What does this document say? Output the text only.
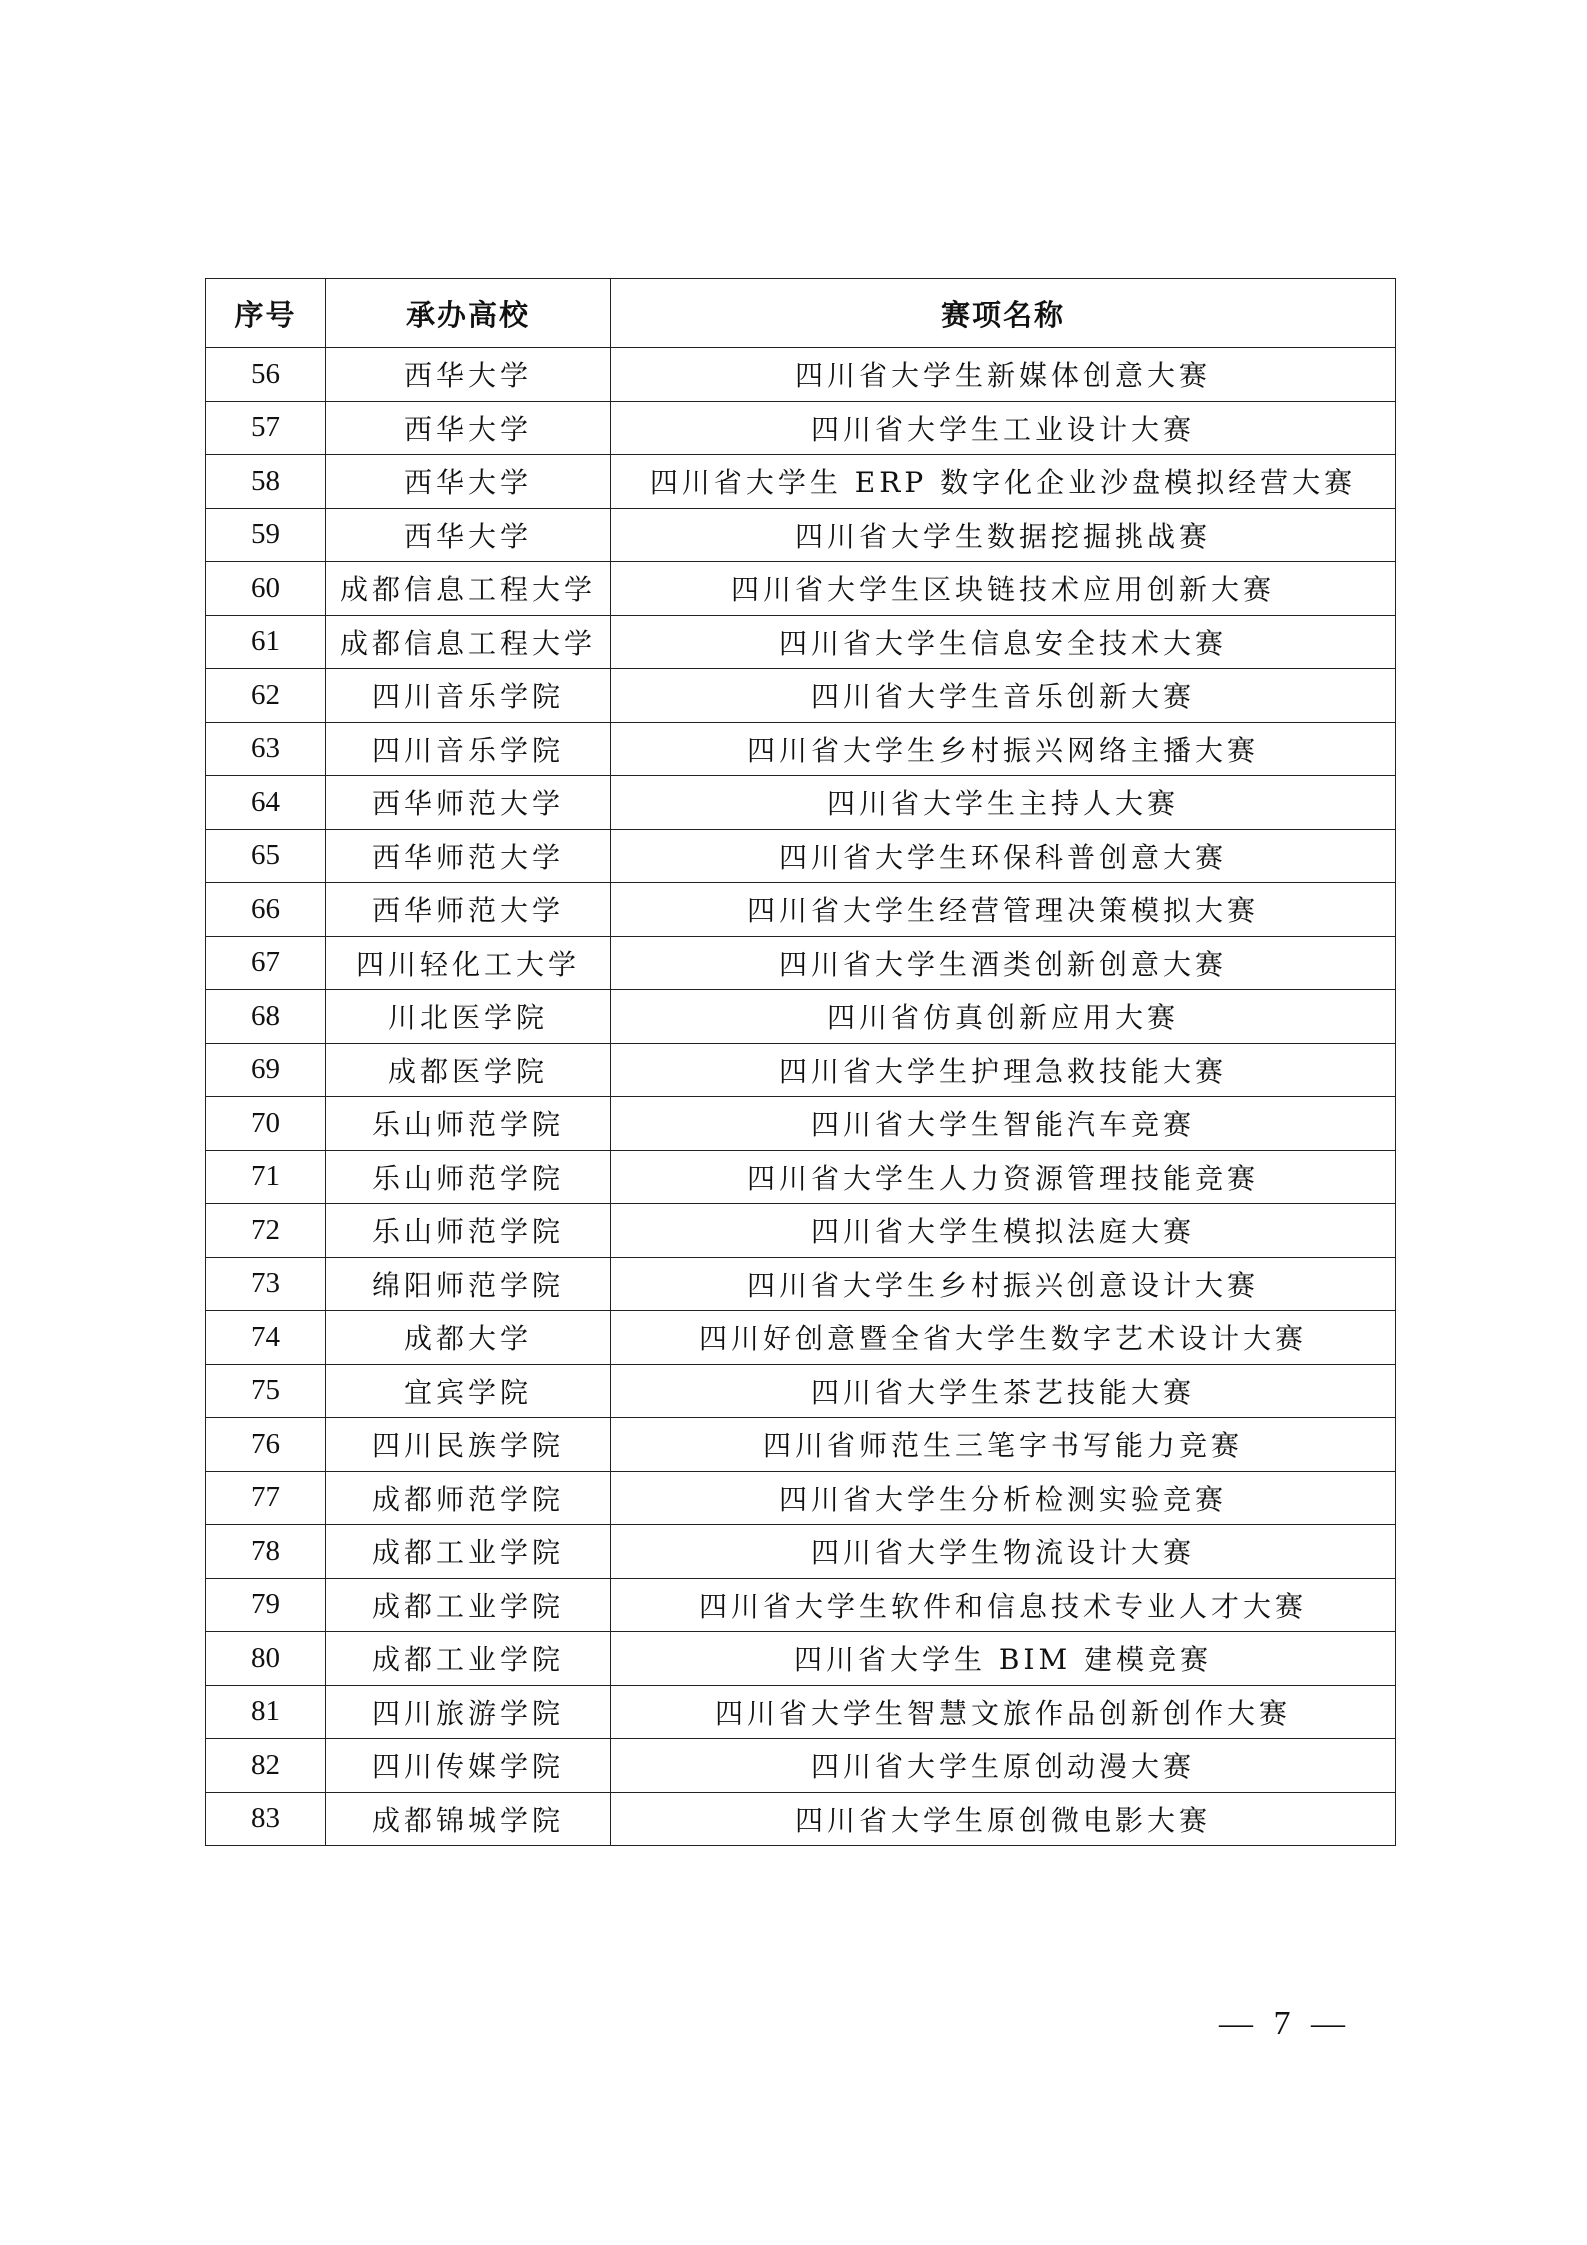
序号	承办高校	赛项名称
56	西华大学	四川省大学生新媒体创意大赛
57	西华大学	四川省大学生工业设计大赛
58	西华大学	四川省大学生 ERP 数字化企业沙盘模拟经营大赛
59	西华大学	四川省大学生数据挖掘挑战赛
60	成都信息工程大学	四川省大学生区块链技术应用创新大赛
61	成都信息工程大学	四川省大学生信息安全技术大赛
62	四川音乐学院	四川省大学生音乐创新大赛
63	四川音乐学院	四川省大学生乡村振兴网络主播大赛
64	西华师范大学	四川省大学生主持人大赛
65	西华师范大学	四川省大学生环保科普创意大赛
66	西华师范大学	四川省大学生经营管理决策模拟大赛
67	四川轻化工大学	四川省大学生酒类创新创意大赛
68	川北医学院	四川省仿真创新应用大赛
69	成都医学院	四川省大学生护理急救技能大赛
70	乐山师范学院	四川省大学生智能汽车竞赛
71	乐山师范学院	四川省大学生人力资源管理技能竞赛
72	乐山师范学院	四川省大学生模拟法庭大赛
73	绵阳师范学院	四川省大学生乡村振兴创意设计大赛
74	成都大学	四川好创意暨全省大学生数字艺术设计大赛
75	宜宾学院	四川省大学生茶艺技能大赛
76	四川民族学院	四川省师范生三笔字书写能力竞赛
77	成都师范学院	四川省大学生分析检测实验竞赛
78	成都工业学院	四川省大学生物流设计大赛
79	成都工业学院	四川省大学生软件和信息技术专业人才大赛
80	成都工业学院	四川省大学生 BIM 建模竞赛
81	四川旅游学院	四川省大学生智慧文旅作品创新创作大赛
82	四川传媒学院	四川省大学生原创动漫大赛
83	成都锦城学院	四川省大学生原创微电影大赛
— 7 —
